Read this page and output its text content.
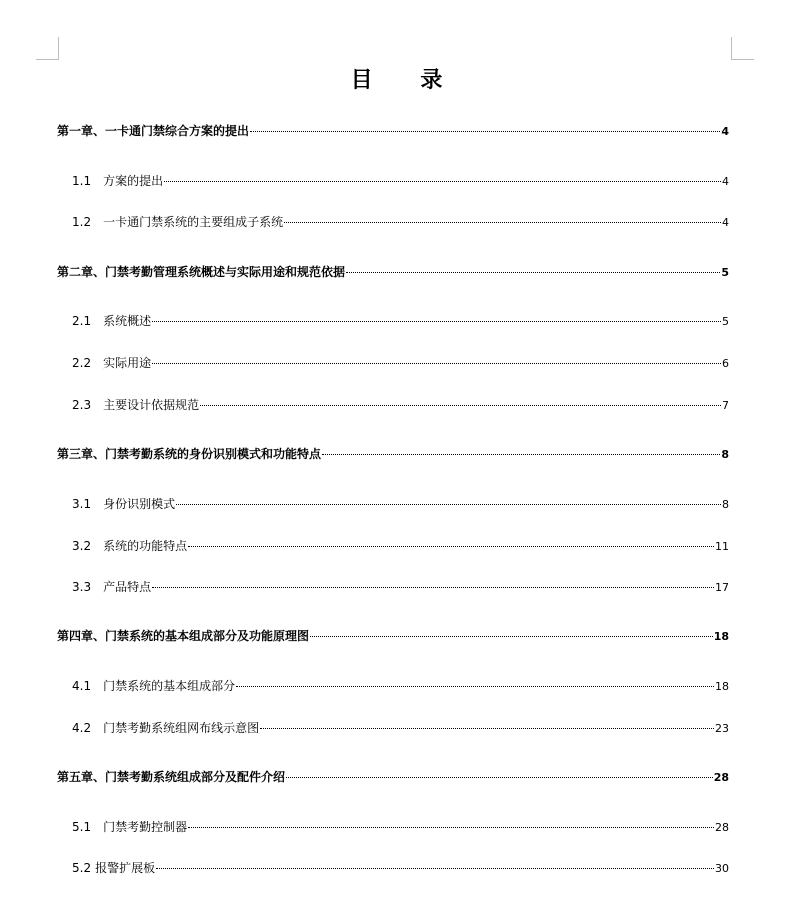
目 录
第一章、一卡通门禁综合方案的提出	4
1.1 方案的提出	4
1.2 一卡通门禁系统的主要组成子系统	4
第二章、门禁考勤管理系统概述与实际用途和规范依据	5
2.1 系统概述	5
2.2 实际用途	6
2.3 主要设计依据规范	7
第三章、门禁考勤系统的身份识别模式和功能特点	8
3.1 身份识别模式	8
3.2 系统的功能特点	11
3.3 产品特点	17
第四章、门禁系统的基本组成部分及功能原理图	18
4.1 门禁系统的基本组成部分	18
4.2 门禁考勤系统组网布线示意图	23
第五章、门禁考勤系统组成部分及配件介绍	28
5.1 门禁考勤控制器	28
5.2 报警扩展板	30
